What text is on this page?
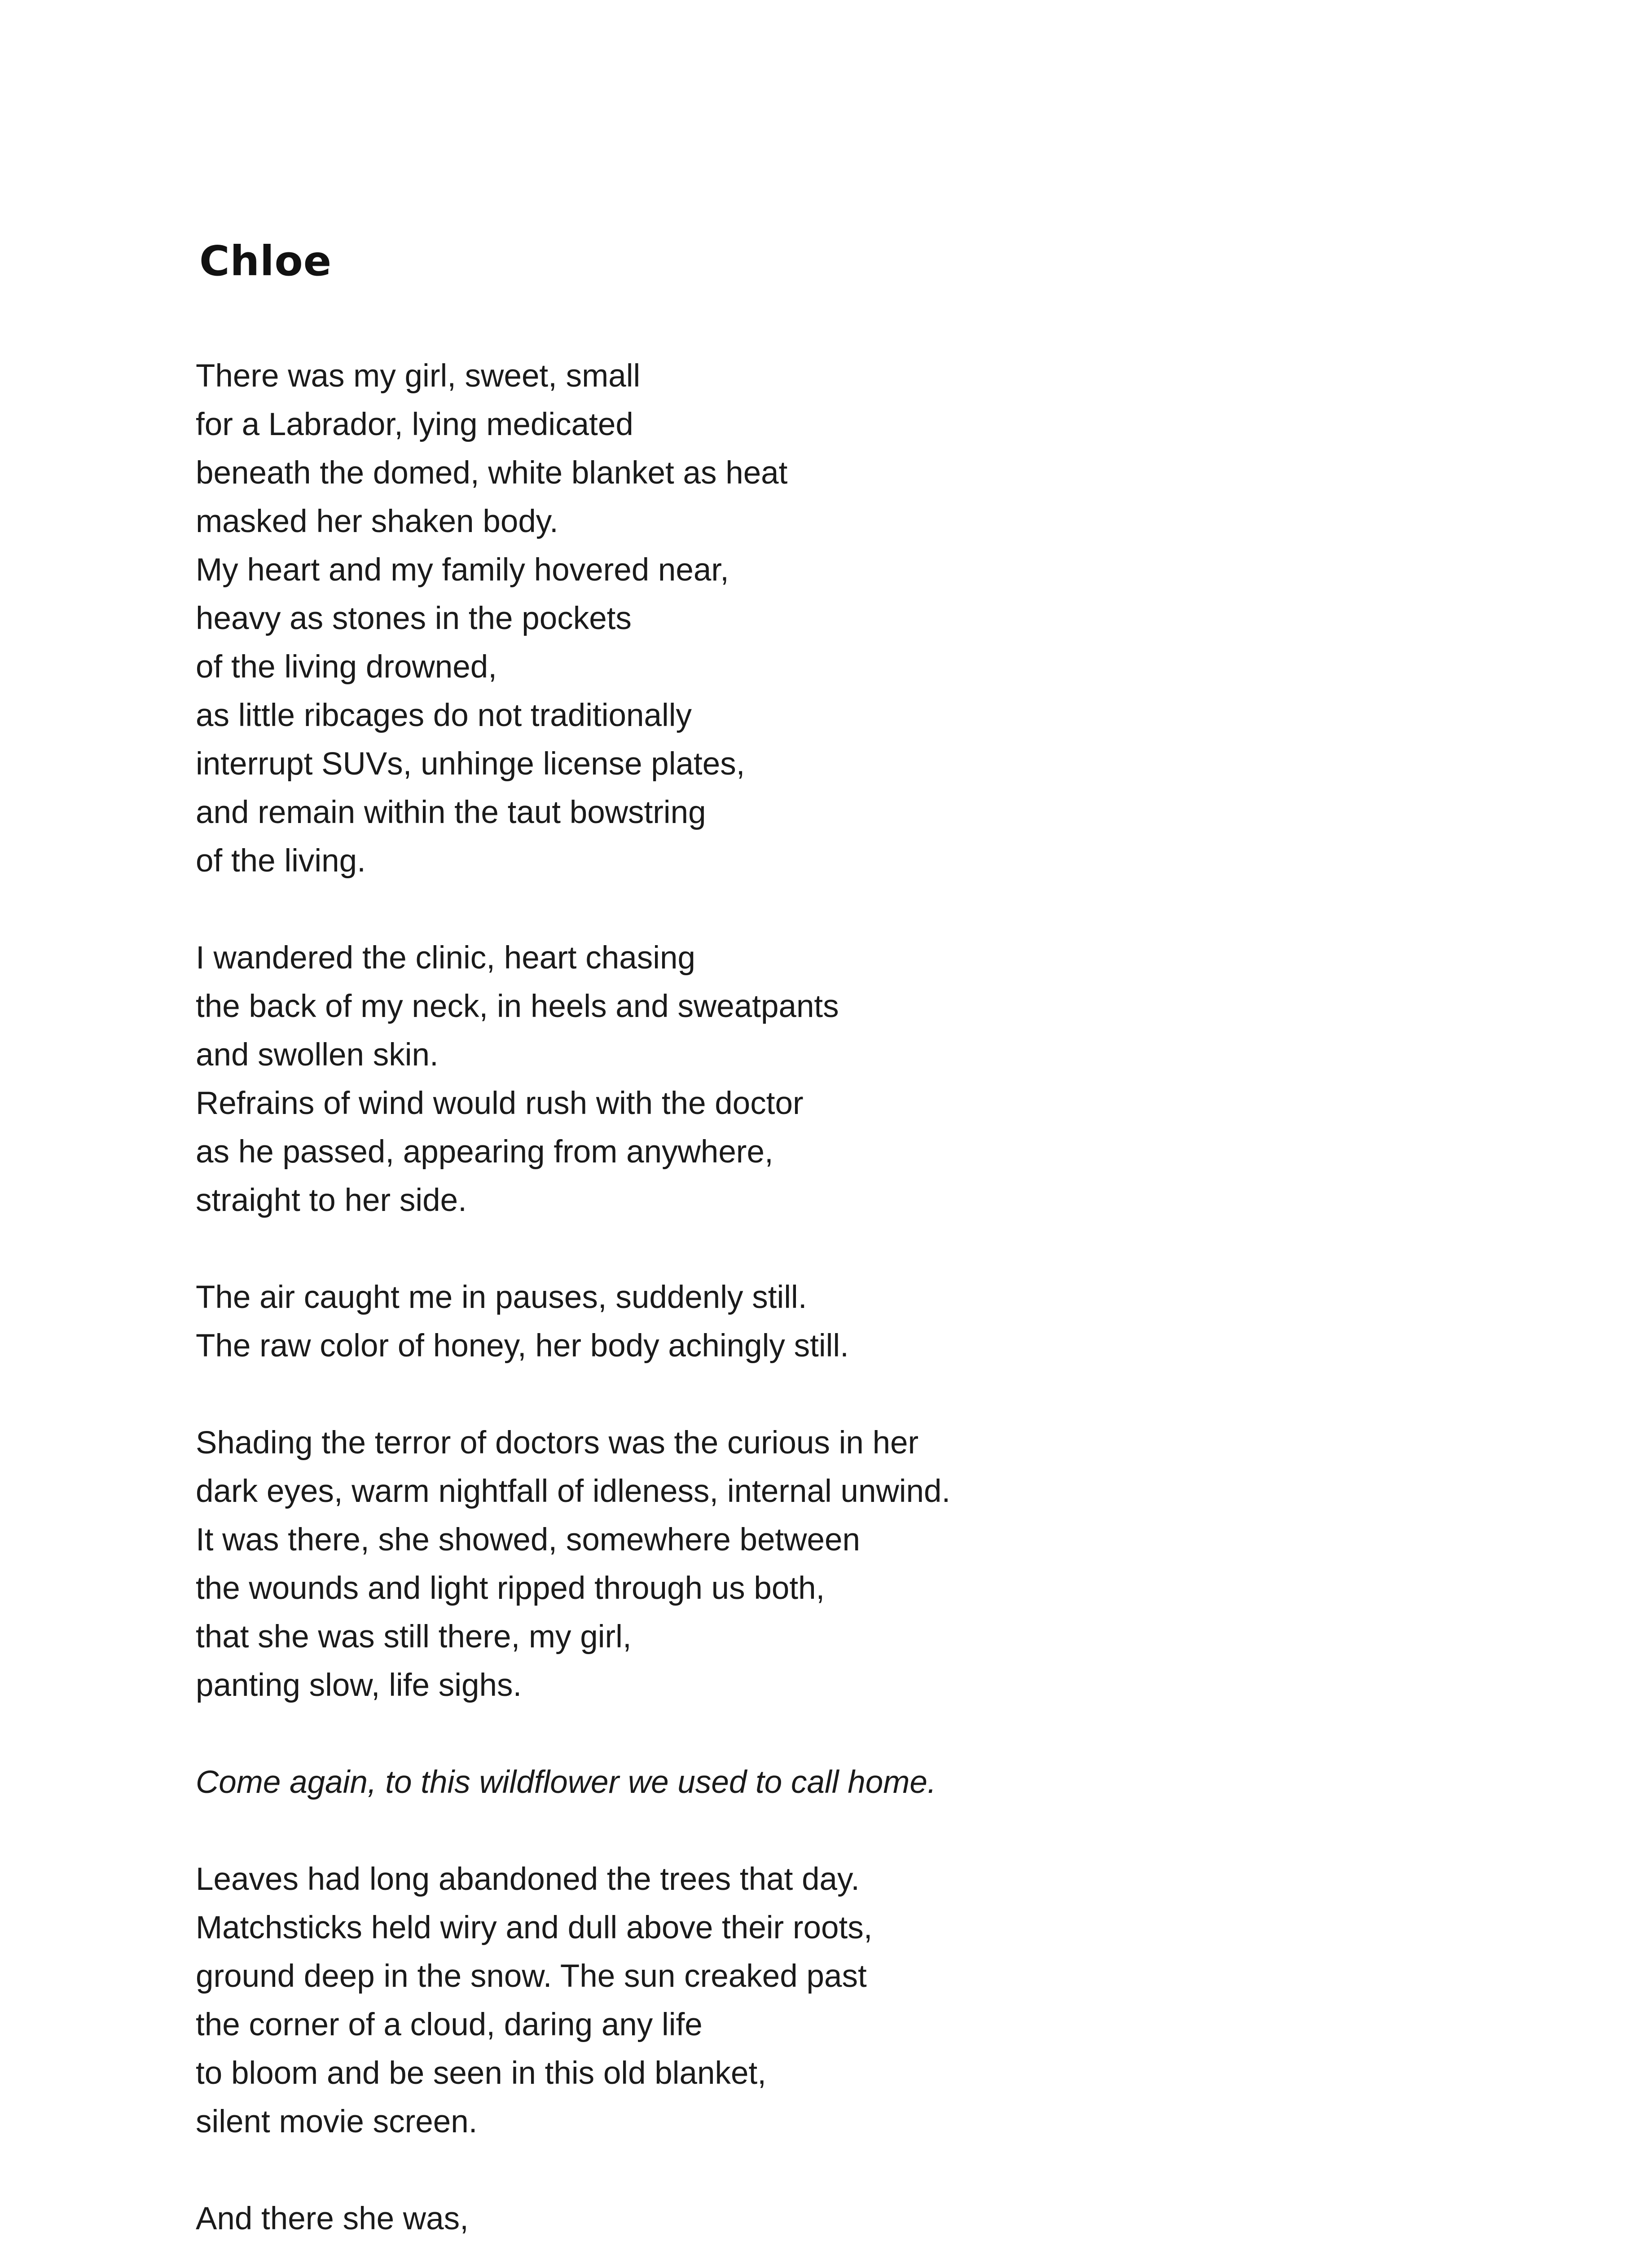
Chloe
There was my girl, sweet, small
for a Labrador, lying medicated
beneath the domed, white blanket as heat
masked her shaken body.
My heart and my family hovered near,
heavy as stones in the pockets
of the living drowned,
as little ribcages do not traditionally
interrupt SUVs, unhinge license plates,
and remain within the taut bowstring
of the living.
I wandered the clinic, heart chasing
the back of my neck, in heels and sweatpants
and swollen skin.
Refrains of wind would rush with the doctor
as he passed, appearing from anywhere,
straight to her side.
The air caught me in pauses, suddenly still.
The raw color of honey, her body achingly still.
Shading the terror of doctors was the curious in her
dark eyes, warm nightfall of idleness, internal unwind.
It was there, she showed, somewhere between
the wounds and light ripped through us both,
that she was still there, my girl,
panting slow, life sighs.
Come again, to this wildflower we used to call home.
Leaves had long abandoned the trees that day.
Matchsticks held wiry and dull above their roots,
ground deep in the snow. The sun creaked past
the corner of a cloud, daring any life
to bloom and be seen in this old blanket,
silent movie screen.
And there she was,
